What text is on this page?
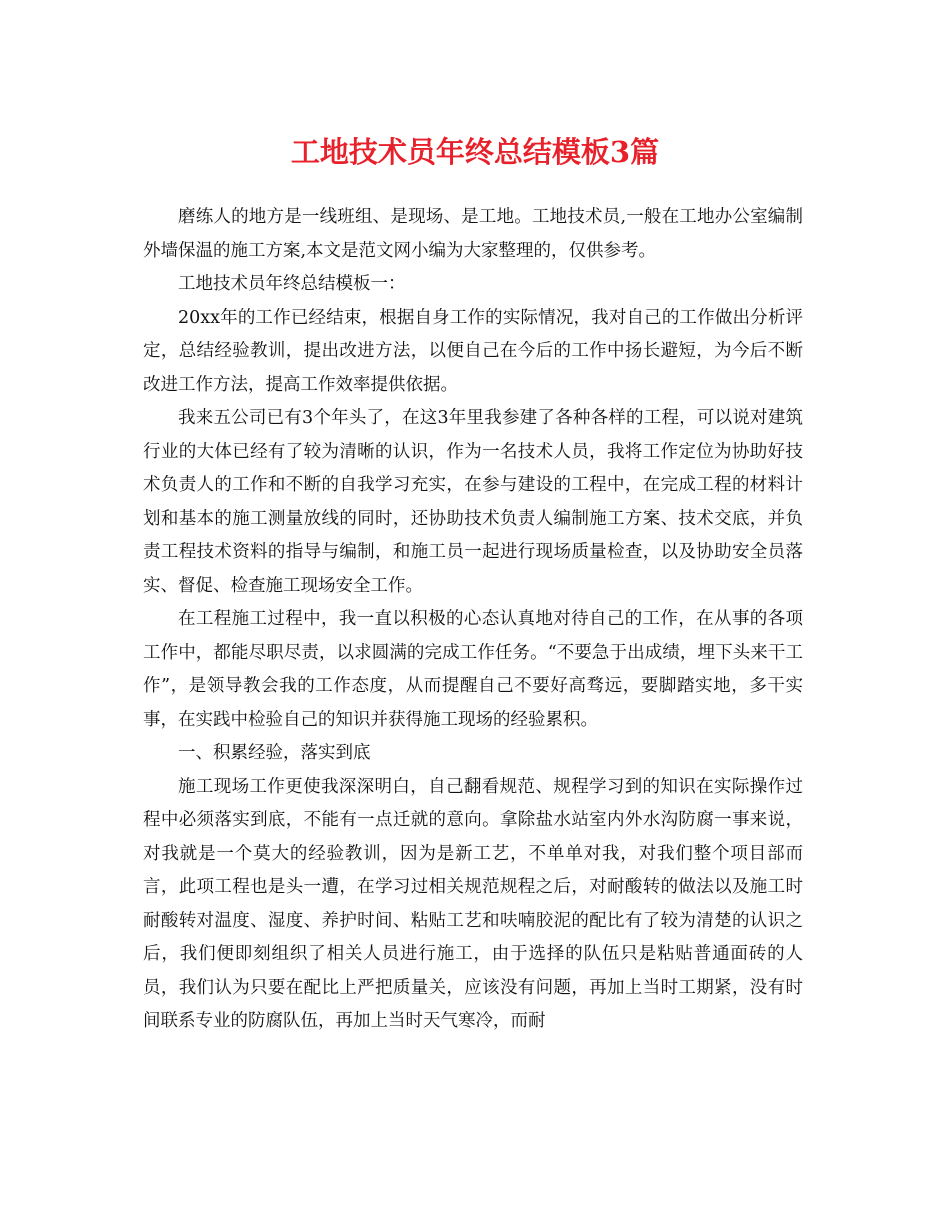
工地技术员年终总结模板3篇

磨练人的地方是一线班组、是现场、是工地。工地技术员,一般在工地办公室编制外墙保温的施工方案,本文是范文网小编为大家整理的，仅供参考。

工地技术员年终总结模板一：

20xx年的工作已经结束，根据自身工作的实际情况，我对自己的工作做出分析评定，总结经验教训，提出改进方法，以便自己在今后的工作中扬长避短，为今后不断改进工作方法，提高工作效率提供依据。

我来五公司已有3个年头了，在这3年里我参建了各种各样的工程，可以说对建筑行业的大体已经有了较为清晰的认识，作为一名技术人员，我将工作定位为协助好技术负责人的工作和不断的自我学习充实，在参与建设的工程中，在完成工程的材料计划和基本的施工测量放线的同时，还协助技术负责人编制施工方案、技术交底，并负责工程技术资料的指导与编制，和施工员一起进行现场质量检查，以及协助安全员落实、督促、检查施工现场安全工作。

在工程施工过程中，我一直以积极的心态认真地对待自己的工作，在从事的各项工作中，都能尽职尽责，以求圆满的完成工作任务。“不要急于出成绩，埋下头来干工作”，是领导教会我的工作态度，从而提醒自己不要好高骛远，要脚踏实地，多干实事，在实践中检验自己的知识并获得施工现场的经验累积。

一、积累经验，落实到底

施工现场工作更使我深深明白，自己翻看规范、规程学习到的知识在实际操作过程中必须落实到底，不能有一点迁就的意向。拿除盐水站室内外水沟防腐一事来说，对我就是一个莫大的经验教训，因为是新工艺，不单单对我，对我们整个项目部而言，此项工程也是头一遭，在学习过相关规范规程之后，对耐酸转的做法以及施工时耐酸转对温度、湿度、养护时间、粘贴工艺和呋喃胶泥的配比有了较为清楚的认识之后，我们便即刻组织了相关人员进行施工，由于选择的队伍只是粘贴普通面砖的人员，我们认为只要在配比上严把质量关，应该没有问题，再加上当时工期紧，没有时间联系专业的防腐队伍，再加上当时天气寒冷，而耐
